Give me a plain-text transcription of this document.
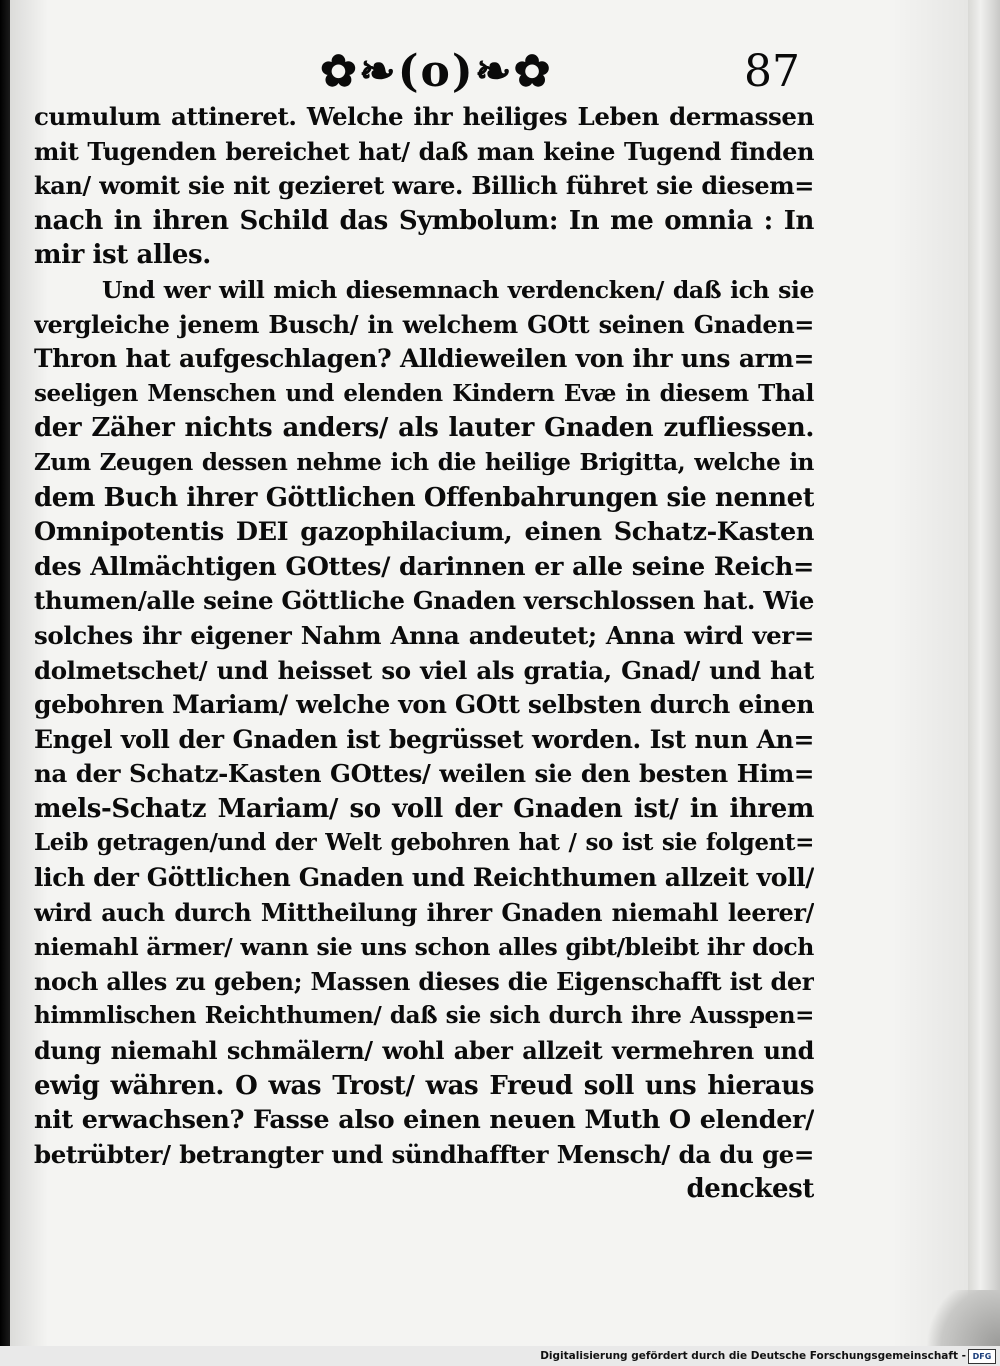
✿❧(o)❧✿	87
cumulum attineret. Welche ihr heiliges Leben dermassen
mit Tugenden bereichet hat/ daß man keine Tugend finden
kan/ womit sie nit gezieret ware. Billich führet sie diesem=
nach in ihren Schild das Symbolum: In me omnia : In
mir ist alles.
Und wer will mich diesemnach verdencken/ daß ich sie
vergleiche jenem Busch/ in welchem GOtt seinen Gnaden=
Thron hat aufgeschlagen? Alldieweilen von ihr uns arm=
seeligen Menschen und elenden Kindern Evæ in diesem Thal
der Zäher nichts anders/ als lauter Gnaden zufliessen.
Zum Zeugen dessen nehme ich die heilige Brigitta, welche in
dem Buch ihrer Göttlichen Offenbahrungen sie nennet
Omnipotentis DEI gazophilacium, einen Schatz-Kasten
des Allmächtigen GOttes/ darinnen er alle seine Reich=
thumen/alle seine Göttliche Gnaden verschlossen hat. Wie
solches ihr eigener Nahm Anna andeutet; Anna wird ver=
dolmetschet/ und heisset so viel als gratia, Gnad/ und hat
gebohren Mariam/ welche von GOtt selbsten durch einen
Engel voll der Gnaden ist begrüsset worden. Ist nun An=
na der Schatz-Kasten GOttes/ weilen sie den besten Him=
mels-Schatz Mariam/ so voll der Gnaden ist/ in ihrem
Leib getragen/und der Welt gebohren hat / so ist sie folgent=
lich der Göttlichen Gnaden und Reichthumen allzeit voll/
wird auch durch Mittheilung ihrer Gnaden niemahl leerer/
niemahl ärmer/ wann sie uns schon alles gibt/bleibt ihr doch
noch alles zu geben; Massen dieses die Eigenschafft ist der
himmlischen Reichthumen/ daß sie sich durch ihre Ausspen=
dung niemahl schmälern/ wohl aber allzeit vermehren und
ewig währen. O was Trost/ was Freud soll uns hieraus
nit erwachsen? Fasse also einen neuen Muth O elender/
betrübter/ betrangter und sündhaffter Mensch/ da du ge=
denckest
Digitalisierung gefördert durch die Deutsche Forschungsgemeinschaft - DFG
